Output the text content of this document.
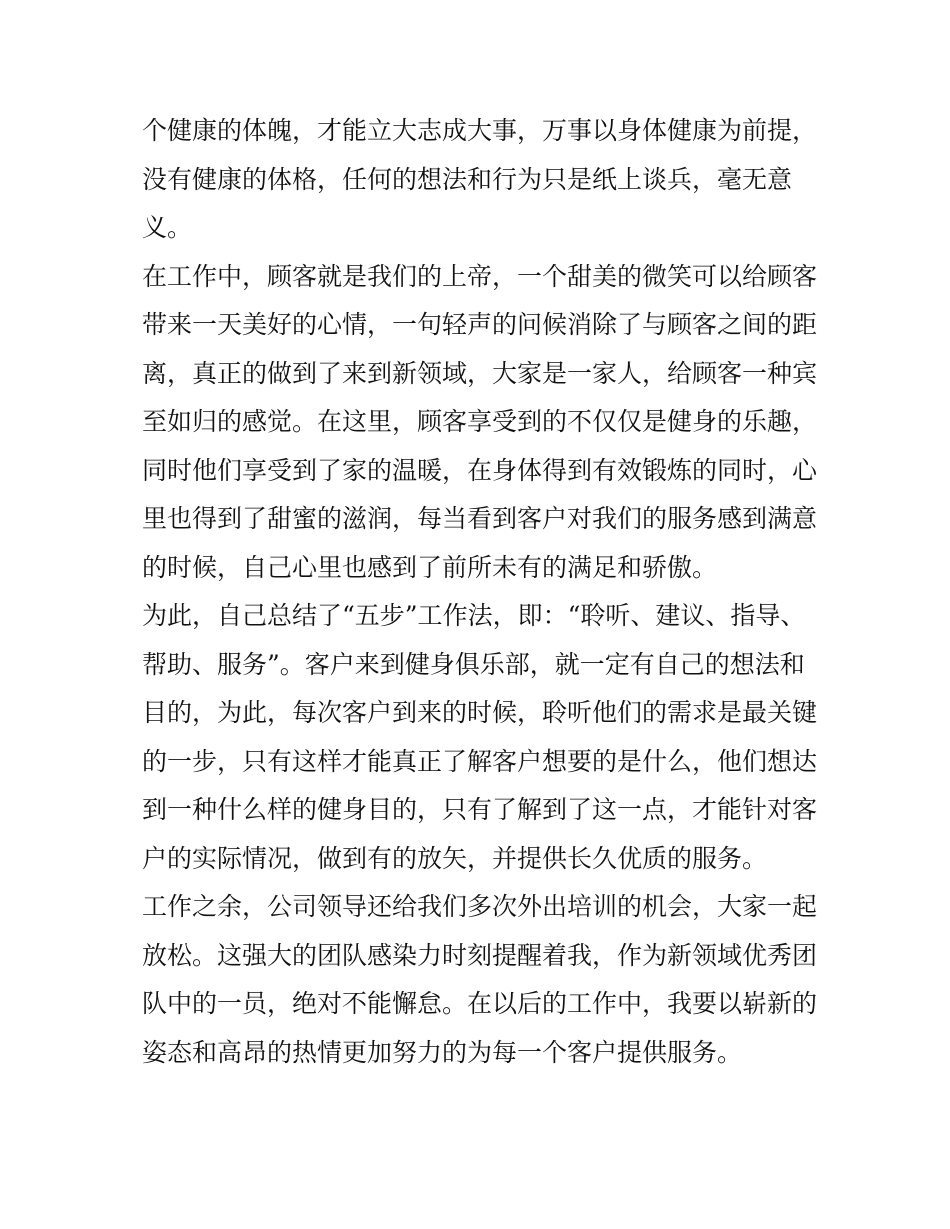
个健康的体魄，才能立大志成大事，万事以身体健康为前提，
没有健康的体格，任何的想法和行为只是纸上谈兵，毫无意
义。
在工作中，顾客就是我们的上帝，一个甜美的微笑可以给顾客
带来一天美好的心情，一句轻声的问候消除了与顾客之间的距
离，真正的做到了来到新领域，大家是一家人，给顾客一种宾
至如归的感觉。在这里，顾客享受到的不仅仅是健身的乐趣，
同时他们享受到了家的温暖，在身体得到有效锻炼的同时，心
里也得到了甜蜜的滋润，每当看到客户对我们的服务感到满意
的时候，自己心里也感到了前所未有的满足和骄傲。
为此，自己总结了“五步”工作法，即：“聆听、建议、指导、
帮助、服务”。客户来到健身俱乐部，就一定有自己的想法和
目的，为此，每次客户到来的时候，聆听他们的需求是最关键
的一步，只有这样才能真正了解客户想要的是什么，他们想达
到一种什么样的健身目的，只有了解到了这一点，才能针对客
户的实际情况，做到有的放矢，并提供长久优质的服务。
工作之余，公司领导还给我们多次外出培训的机会，大家一起
放松。这强大的团队感染力时刻提醒着我，作为新领域优秀团
队中的一员，绝对不能懈怠。在以后的工作中，我要以崭新的
姿态和高昂的热情更加努力的为每一个客户提供服务。
